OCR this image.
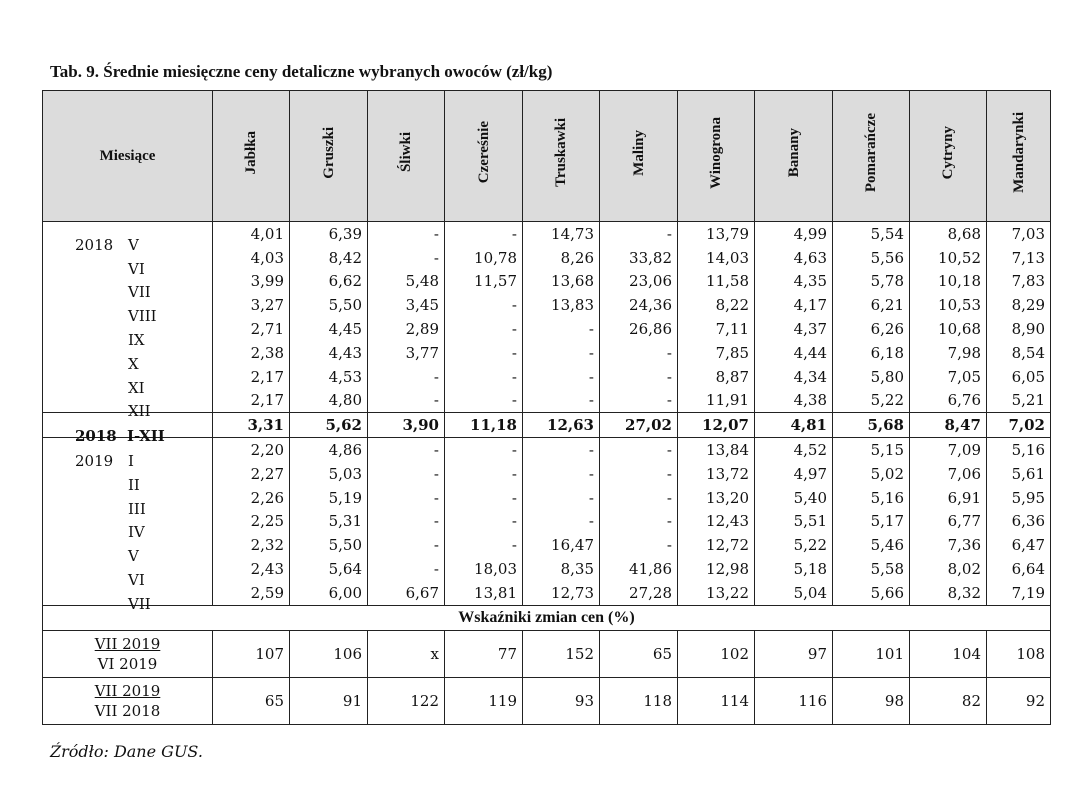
Tab. 9. Średnie miesięczne ceny detaliczne wybranych owoców (zł/kg)
Miesiące	Jabłka	Gruszki	Śliwki	Czereśnie	Truskawki	Maliny	Winogrona	Banany	Pomarańcze	Cytryny	Mandarynki

2018 V	4,01	6,39	-	-	14,73	-	13,79	4,99	5,54	8,68	7,03

VI	4,03	8,42	-	10,78	8,26	33,82	14,03	4,63	5,56	10,52	7,13

VII	3,99	6,62	5,48	11,57	13,68	23,06	11,58	4,35	5,78	10,18	7,83

VIII	3,27	5,50	3,45	-	13,83	24,36	8,22	4,17	6,21	10,53	8,29

IX	2,71	4,45	2,89	-	-	26,86	7,11	4,37	6,26	10,68	8,90

X	2,38	4,43	3,77	-	-	-	7,85	4,44	6,18	7,98	8,54

XI	2,17	4,53	-	-	-	-	8,87	4,34	5,80	7,05	6,05

XII	2,17	4,80	-	-	-	-	11,91	4,38	5,22	6,76	5,21

2018 I-XII	3,31	5,62	3,90	11,18	12,63	27,02	12,07	4,81	5,68	8,47	7,02

2019 I	2,20	4,86	-	-	-	-	13,84	4,52	5,15	7,09	5,16

II	2,27	5,03	-	-	-	-	13,72	4,97	5,02	7,06	5,61

III	2,26	5,19	-	-	-	-	13,20	5,40	5,16	6,91	5,95

IV	2,25	5,31	-	-	-	-	12,43	5,51	5,17	6,77	6,36

V	2,32	5,50	-	-	16,47	-	12,72	5,22	5,46	7,36	6,47

VI	2,43	5,64	-	18,03	8,35	41,86	12,98	5,18	5,58	8,02	6,64

VII	2,59	6,00	6,67	13,81	12,73	27,28	13,22	5,04	5,66	8,32	7,19
Wskaźniki zmian cen (%)											

VII 2019
VI 2019	107	106	x	77	152	65	102	97	101	104	108

VII 2019
VII 2018	65	91	122	119	93	118	114	116	98	82	92
Źródło: Dane GUS.
